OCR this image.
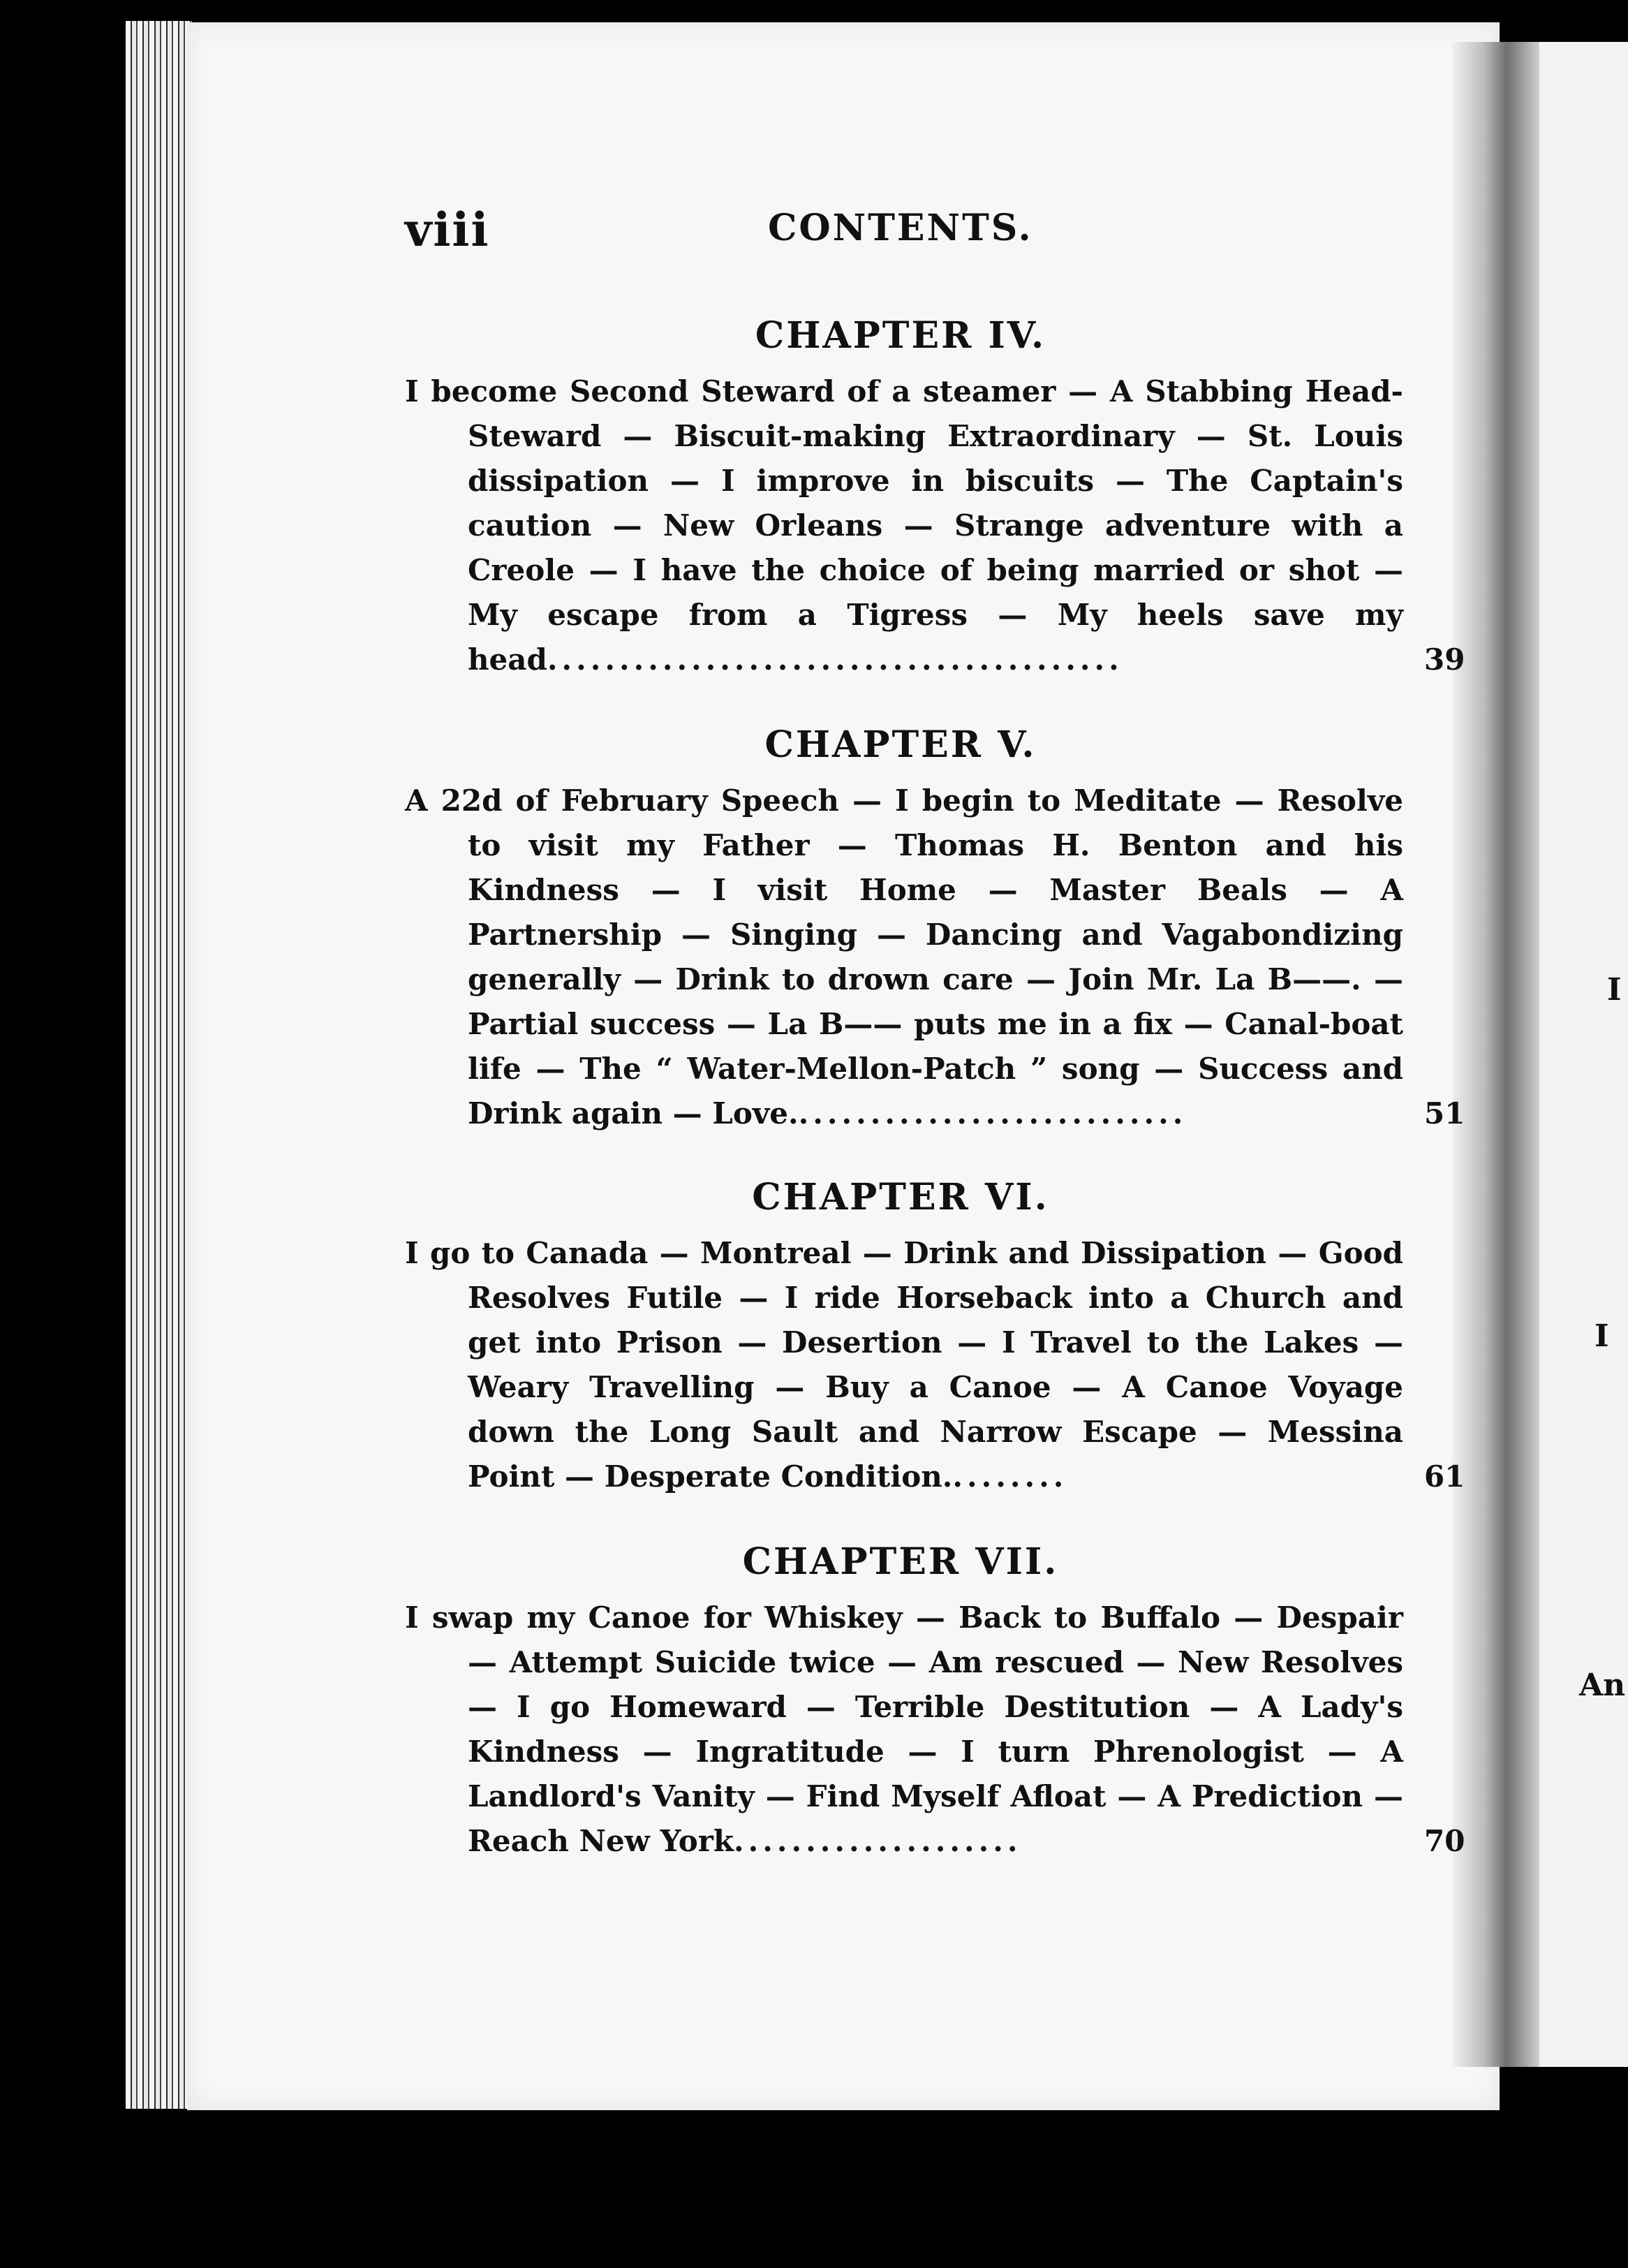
I
I
An
viii	CONTENTS.
CHAPTER IV.
I become Second Steward of a steamer — A Stabbing Head-Steward — Biscuit-making Extraordinary — St. Louis dissipation — I improve in biscuits — The Captain's caution — New Orleans — Strange adventure with a Creole — I have the choice of being married or shot — My escape from a Tigress — My heels save my head........................................
CHAPTER V.
A 22d of February Speech — I begin to Meditate — Resolve to visit my Father — Thomas H. Benton and his Kindness — I visit Home — Master Beals — A Partnership — Singing — Dancing and Vagabondizing generally — Drink to drown care — Join Mr. La B——. — Partial success — La B—— puts me in a fix — Canal-boat life — The “ Water-Mellon-Patch ” song — Success and Drink again — Love............................
CHAPTER VI.
I go to Canada — Montreal — Drink and Dissipation — Good Resolves Futile — I ride Horseback into a Church and get into Prison — Desertion — I Travel to the Lakes — Weary Travelling — Buy a Canoe — A Canoe Voyage down the Long Sault and Narrow Escape — Messina Point — Desperate Condition.........
CHAPTER VII.
I swap my Canoe for Whiskey — Back to Buffalo — Despair — Attempt Suicide twice — Am rescued — New Resolves — I go Homeward — Terrible Destitution — A Lady's Kindness — Ingratitude — I turn Phrenologist — A Landlord's Vanity — Find Myself Afloat — A Prediction — Reach New York....................
